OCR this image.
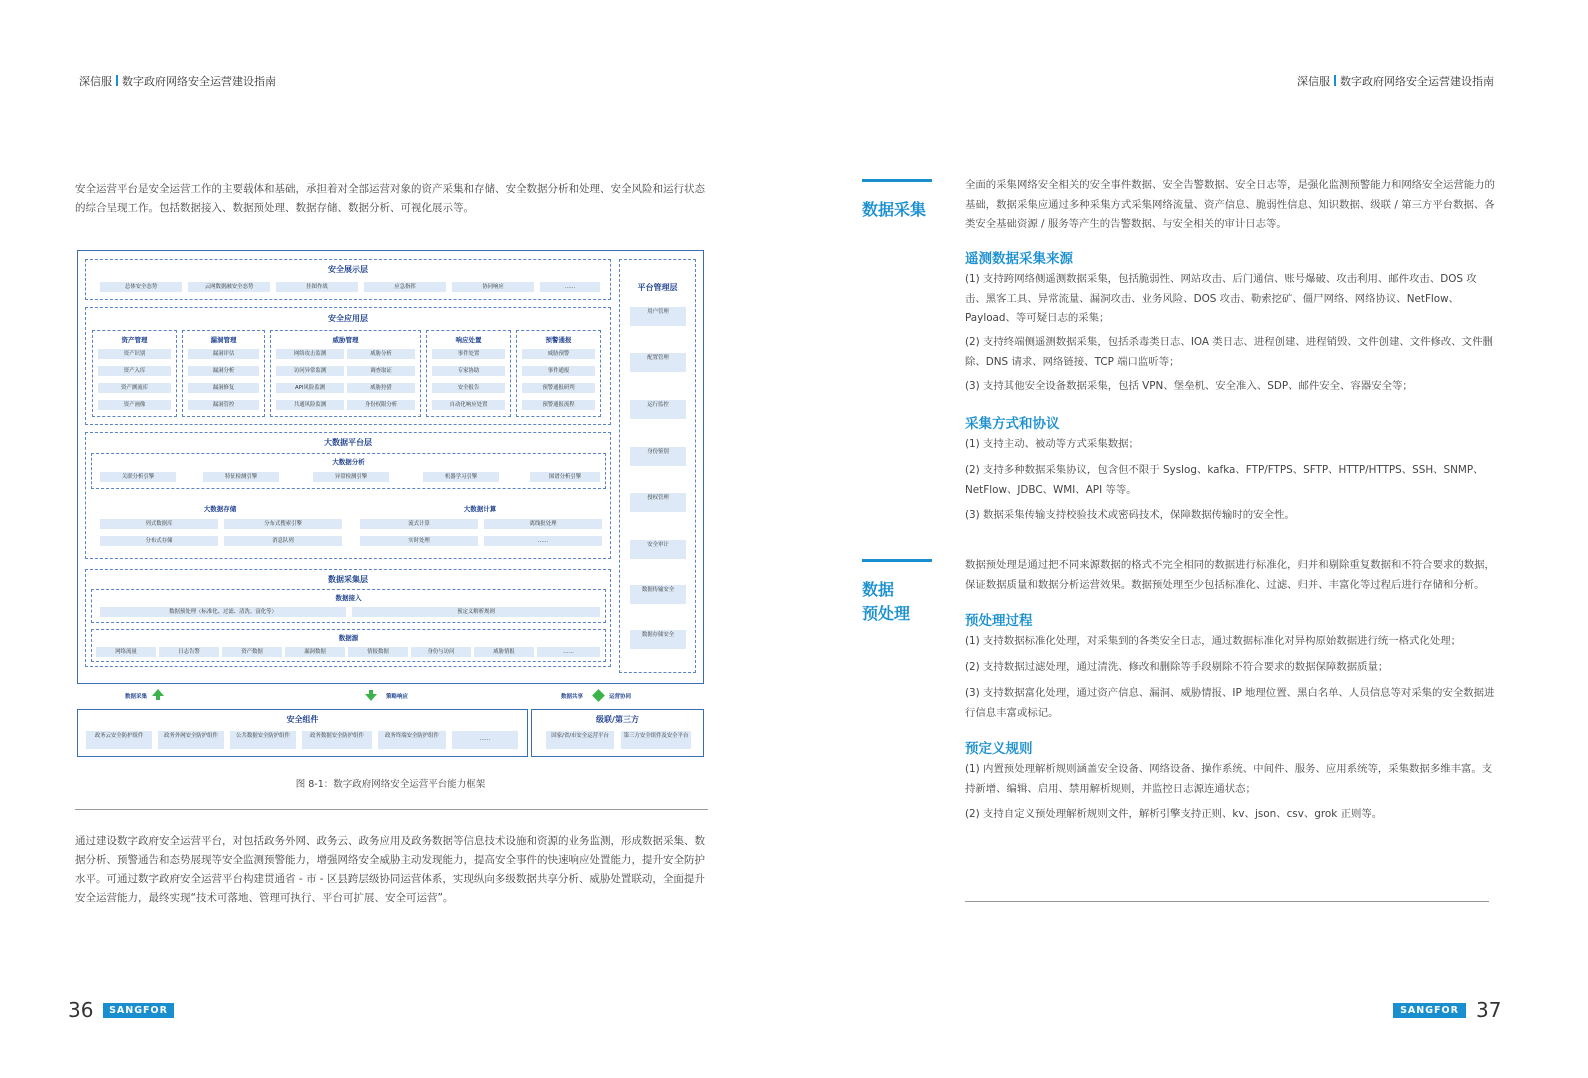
深信服 数字政府网络安全运营建设指南	深信服 数字政府网络安全运营建设指南
安全运营平台是安全运营工作的主要载体和基础，承担着对全部运营对象的资产采集和存储、安全数据分析和处理、安全风险和运行状态的综合呈现工作。包括数据接入、数据预处理、数据存储、数据分析、可视化展示等。
安全展示层
总体安全态势	云网数据融安全态势	挂图作战	应急指挥	协同响应	……
安全应用层
资产管理
资产识别
资产入库
资产测流库
资产画像
漏洞管理
漏洞评估
漏洞分析
漏洞修复
漏洞管控
威胁管理
网络攻击监测	威胁分析
访问异常监测	调查取证
API风险监测	威胁狩猎
共通风险监测	身份权限分析
响应处置
事件处置
专家协助
安全报告
自动化响应处置
预警通报
威胁预警
事件通报
预警通报研判
预警通报流程
大数据平台层
大数据分析
关联分析引擎	特征检测引擎	异常检测引擎	机器学习引擎	图谱分析引擎
大数据存储
列式数据库	分布式搜索引擎
分布式存储	消息队列
大数据计算
流式计算	离线批处理
实时处理	……
数据采集层
数据接入
数据预处理（标准化、过滤、清洗、富化等）	预定义解析规则
数据源
网络流量	日志告警	资产数据	漏洞数据	情报数据	身份与访问	威胁情报	……
平台管理层
用户管理
配置管理
运行监控
身份鉴别
授权管理
安全审计
数据传输安全
数据存储安全
数据采集	策略响应	数据共享	运营协同
安全组件
政务云安全防护组件	政务外网安全防护组件	公共数据安全防护组件	政务数据安全防护组件	政务终端安全防护组件	……
级联/第三方
国家/省/市安全运营平台	第三方安全组件及安全平台
图 8-1：数字政府网络安全运营平台能力框架
通过建设数字政府安全运营平台，对包括政务外网、政务云、政务应用及政务数据等信息技术设施和资源的业务监测，形成数据采集、数据分析、预警通告和态势展现等安全监测预警能力，增强网络安全威胁主动发现能力，提高安全事件的快速响应处置能力，提升安全防护水平。可通过数字政府安全运营平台构建贯通省 - 市 - 区县跨层级协同运营体系，实现纵向多级数据共享分析、威胁处置联动，全面提升安全运营能力，最终实现“技术可落地、管理可执行、平台可扩展、安全可运营”。
36	SANGFOR
数据采集
全面的采集网络安全相关的安全事件数据、安全告警数据、安全日志等，是强化监测预警能力和网络安全运营能力的基础，数据采集应通过多种采集方式采集网络流量、资产信息、脆弱性信息、知识数据、级联 / 第三方平台数据、各类安全基础资源 / 服务等产生的告警数据、与安全相关的审计日志等。
遥测数据采集来源
(1) 支持跨网络侧遥测数据采集，包括脆弱性、网站攻击、后门通信、账号爆破、攻击利用、邮件攻击、DOS 攻击、黑客工具、异常流量、漏洞攻击、业务风险、DOS 攻击、勒索挖矿、僵尸网络、网络协议、NetFlow、Payload、等可疑日志的采集；
(2) 支持终端侧遥测数据采集，包括杀毒类日志、IOA 类日志、进程创建、进程销毁、文件创建、文件修改、文件删除、DNS 请求、网络链接、TCP 端口监听等；
(3) 支持其他安全设备数据采集，包括 VPN、堡垒机、安全准入、SDP、邮件安全、容器安全等；
采集方式和协议
(1) 支持主动、被动等方式采集数据；
(2) 支持多种数据采集协议，包含但不限于 Syslog、kafka、FTP/FTPS、SFTP、HTTP/HTTPS、SSH、SNMP、NetFlow、JDBC、WMI、API 等等。
(3) 数据采集传输支持校验技术或密码技术，保障数据传输时的安全性。
数据
预处理
数据预处理是通过把不同来源数据的格式不完全相同的数据进行标准化，归并和剔除重复数据和不符合要求的数据，保证数据质量和数据分析运营效果。数据预处理至少包括标准化、过滤、归并、丰富化等过程后进行存储和分析。
预处理过程
(1) 支持数据标准化处理，对采集到的各类安全日志，通过数据标准化对异构原始数据进行统一格式化处理；
(2) 支持数据过滤处理，通过清洗、修改和删除等手段剔除不符合要求的数据保障数据质量；
(3) 支持数据富化处理，通过资产信息、漏洞、威胁情报、IP 地理位置、黑白名单、人员信息等对采集的安全数据进行信息丰富或标记。
预定义规则
(1) 内置预处理解析规则涵盖安全设备、网络设备、操作系统、中间件、服务、应用系统等，采集数据多维丰富。支持新增、编辑、启用、禁用解析规则，并监控日志源连通状态；
(2) 支持自定义预处理解析规则文件，解析引擎支持正则、kv、json、csv、grok 正则等。
SANGFOR 37
